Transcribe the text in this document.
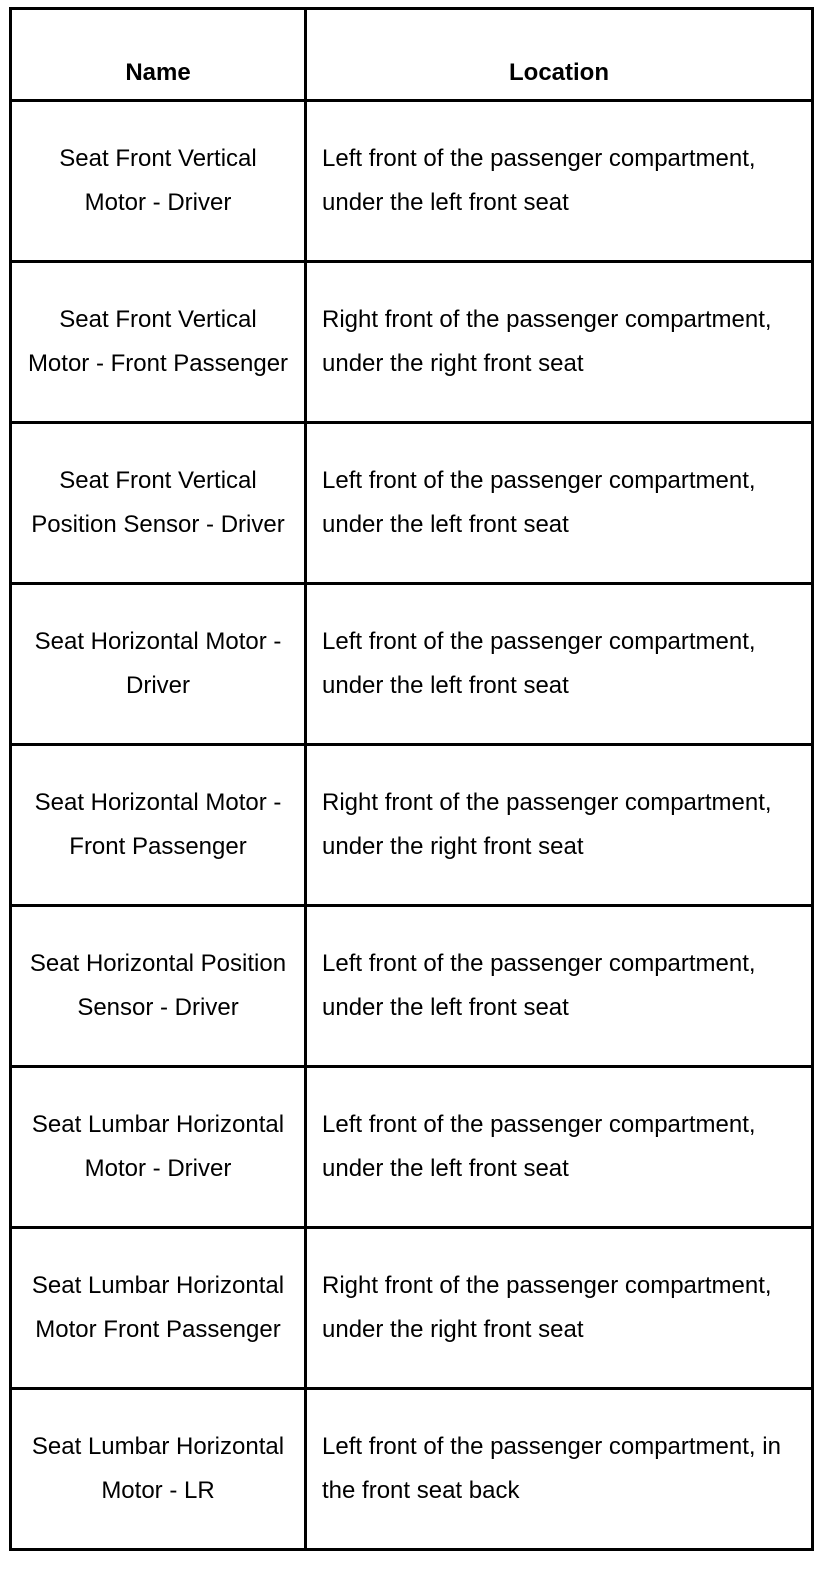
Name	Location

Seat Front Vertical Motor - Driver	Left front of the passenger compartment, under the left front seat

Seat Front Vertical Motor - Front Passenger	Right front of the passenger compartment, under the right front seat

Seat Front Vertical Position Sensor - Driver	Left front of the passenger compartment, under the left front seat

Seat Horizontal Motor - Driver	Left front of the passenger compartment, under the left front seat

Seat Horizontal Motor - Front Passenger	Right front of the passenger compartment, under the right front seat

Seat Horizontal Position Sensor - Driver	Left front of the passenger compartment, under the left front seat

Seat Lumbar Horizontal Motor - Driver	Left front of the passenger compartment, under the left front seat

Seat Lumbar Horizontal Motor Front Passenger	Right front of the passenger compartment, under the right front seat

Seat Lumbar Horizontal Motor - LR	Left front of the passenger compartment, in the front seat back
